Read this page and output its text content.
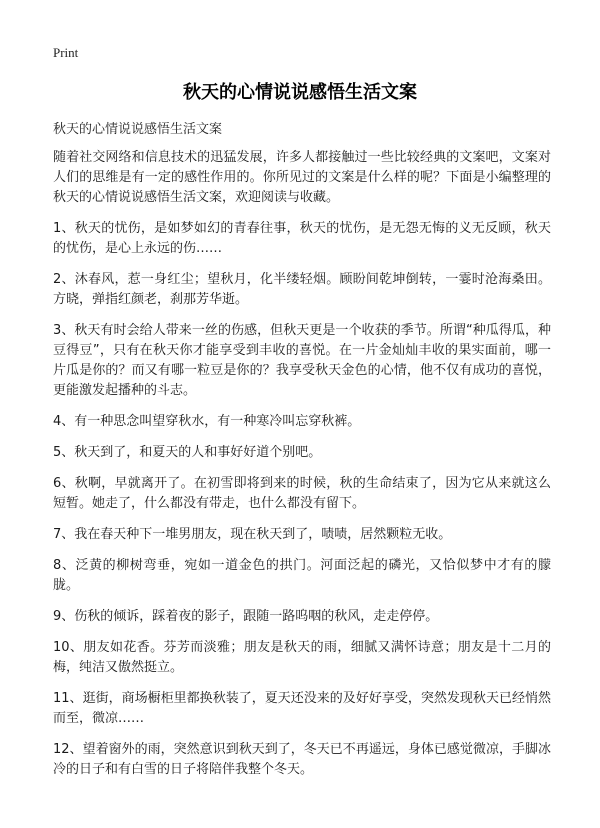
Print
秋天的心情说说感悟生活文案
秋天的心情说说感悟生活文案

随着社交网络和信息技术的迅猛发展，许多人都接触过一些比较经典的文案吧，文案对人们的思维是有一定的感性作用的。你所见过的文案是什么样的呢？下面是小编整理的秋天的心情说说感悟生活文案，欢迎阅读与收藏。

1、秋天的忧伤，是如梦如幻的青春往事，秋天的忧伤，是无怨无悔的义无反顾，秋天的忧伤，是心上永远的伤……

2、沐春风，惹一身红尘；望秋月，化半缕轻烟。顾盼间乾坤倒转，一霎时沧海桑田。方晓，弹指红颜老，刹那芳华逝。

3、秋天有时会给人带来一丝的伤感，但秋天更是一个收获的季节。所谓“种瓜得瓜，种豆得豆”，只有在秋天你才能享受到丰收的喜悦。在一片金灿灿丰收的果实面前，哪一片瓜是你的？而又有哪一粒豆是你的？我享受秋天金色的心情，他不仅有成功的喜悦，更能激发起播种的斗志。

4、有一种思念叫望穿秋水，有一种寒冷叫忘穿秋裤。

5、秋天到了，和夏天的人和事好好道个别吧。

6、秋啊，早就离开了。在初雪即将到来的时候，秋的生命结束了，因为它从来就这么短暂。她走了，什么都没有带走，也什么都没有留下。

7、我在春天种下一堆男朋友，现在秋天到了，啧啧，居然颗粒无收。

8、泛黄的柳树弯垂，宛如一道金色的拱门。河面泛起的磷光，又恰似梦中才有的朦胧。

9、伤秋的倾诉，踩着夜的影子，跟随一路呜咽的秋风，走走停停。

10、朋友如花香。芬芳而淡雅；朋友是秋天的雨，细腻又满怀诗意；朋友是十二月的梅，纯洁又傲然挺立。

11、逛街，商场橱柜里都换秋装了，夏天还没来的及好好享受，突然发现秋天已经悄然而至，微凉……

12、望着窗外的雨，突然意识到秋天到了，冬天已不再遥远，身体已感觉微凉，手脚冰冷的日子和有白雪的日子将陪伴我整个冬天。
